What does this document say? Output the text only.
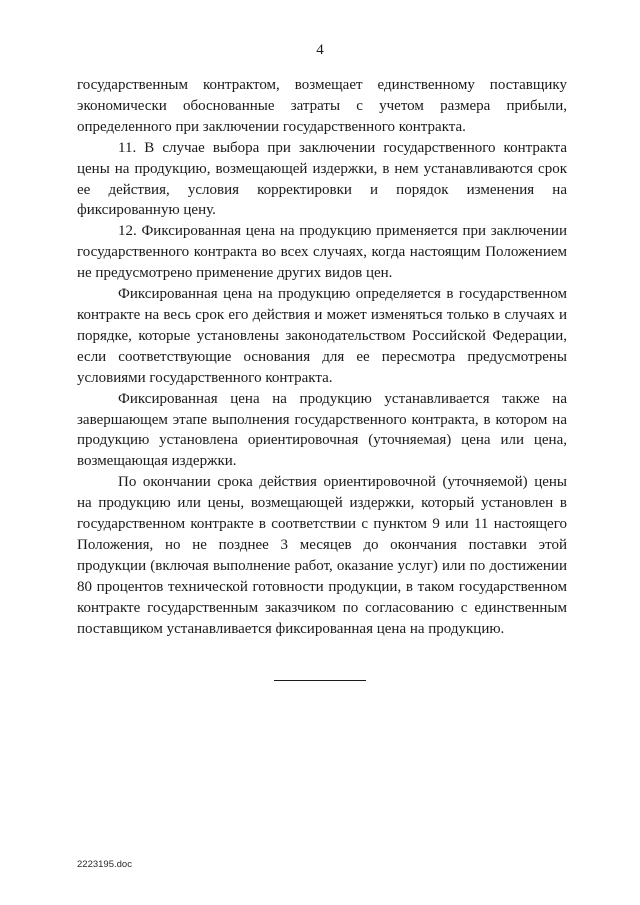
4

государственным контрактом, возмещает единственному поставщику экономически обоснованные затраты с учетом размера прибыли, определенного при заключении государственного контракта.

11. В случае выбора при заключении государственного контракта цены на продукцию, возмещающей издержки, в нем устанавливаются срок ее действия, условия корректировки и порядок изменения на фиксированную цену.

12. Фиксированная цена на продукцию применяется при заключении государственного контракта во всех случаях, когда настоящим Положением не предусмотрено применение других видов цен.

Фиксированная цена на продукцию определяется в государственном контракте на весь срок его действия и может изменяться только в случаях и порядке, которые установлены законодательством Российской Федерации, если соответствующие основания для ее пересмотра предусмотрены условиями государственного контракта.

Фиксированная цена на продукцию устанавливается также на завершающем этапе выполнения государственного контракта, в котором на продукцию установлена ориентировочная (уточняемая) цена или цена, возмещающая издержки.

По окончании срока действия ориентировочной (уточняемой) цены на продукцию или цены, возмещающей издержки, который установлен в государственном контракте в соответствии с пунктом 9 или 11 настоящего Положения, но не позднее 3 месяцев до окончания поставки этой продукции (включая выполнение работ, оказание услуг) или по достижении 80 процентов технической готовности продукции, в таком государственном контракте государственным заказчиком по согласованию с единственным поставщиком устанавливается фиксированная цена на продукцию.

2223195.doc
